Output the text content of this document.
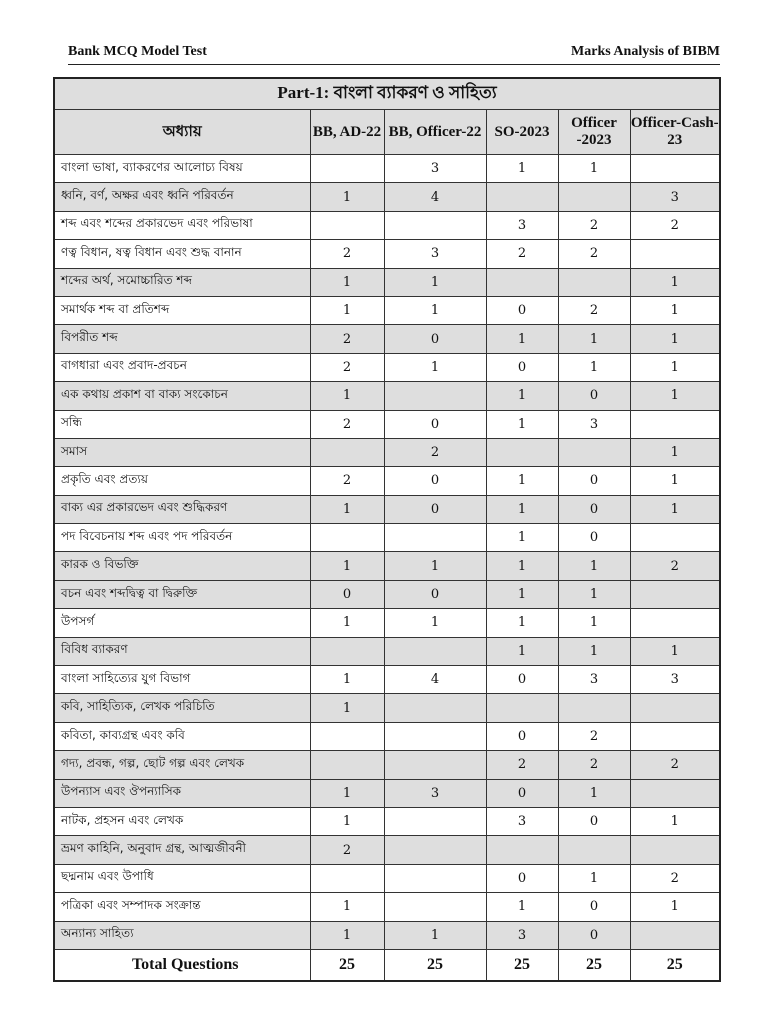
Bank MCQ Model Test	Marks Analysis of BIBM
Part-1: বাংলা ব্যাকরণ ও সাহিত্য					
অধ্যায়	BB, AD-22	BB, Officer-22	SO-2023	Officer -2023	Officer-Cash-23
বাংলা ভাষা, ব্যাকরণের আলোচ্য বিষয়		3	1	1	
ধ্বনি, বর্ণ, অক্ষর এবং ধ্বনি পরিবর্তন	1	4			3
শব্দ এবং শব্দের প্রকারভেদ এবং পরিভাষা			3	2	2
ণত্ব বিধান, ষত্ব বিধান এবং শুদ্ধ বানান	2	3	2	2	
শব্দের অর্থ, সমোচ্চারিত শব্দ	1	1			1
সমার্থক শব্দ বা প্রতিশব্দ	1	1	0	2	1
বিপরীত শব্দ	2	0	1	1	1
বাগধারা এবং প্রবাদ-প্রবচন	2	1	0	1	1
এক কথায় প্রকাশ বা বাক্য সংকোচন	1		1	0	1
সন্ধি	2	0	1	3	
সমাস		2			1
প্রকৃতি এবং প্রত্যয়	2	0	1	0	1
বাক্য এর প্রকারভেদ এবং শুদ্ধিকরণ	1	0	1	0	1
পদ বিবেচনায় শব্দ এবং পদ পরিবর্তন			1	0	
কারক ও বিভক্তি	1	1	1	1	2
বচন এবং শব্দদ্বিত্ব বা দ্বিরুক্তি	0	0	1	1	
উপসর্গ	1	1	1	1	
বিবিধ ব্যাকরণ			1	1	1
বাংলা সাহিত্যের যুগ বিভাগ	1	4	0	3	3
কবি, সাহিত্যিক, লেখক পরিচিতি	1				
কবিতা, কাব্যগ্রন্থ এবং কবি			0	2	
গদ্য, প্রবন্ধ, গল্প, ছোট গল্প এবং লেখক			2	2	2
উপন্যাস এবং ঔপন্যাসিক	1	3	0	1	
নাটক, প্রহসন এবং লেখক	1		3	0	1
ভ্রমণ কাহিনি, অনুবাদ গ্রন্থ, আত্মজীবনী	2				
ছদ্মনাম এবং উপাধি			0	1	2
পত্রিকা এবং সম্পাদক সংক্রান্ত	1		1	0	1
অন্যান্য সাহিত্য	1	1	3	0	
Total Questions	25	25	25	25	25
